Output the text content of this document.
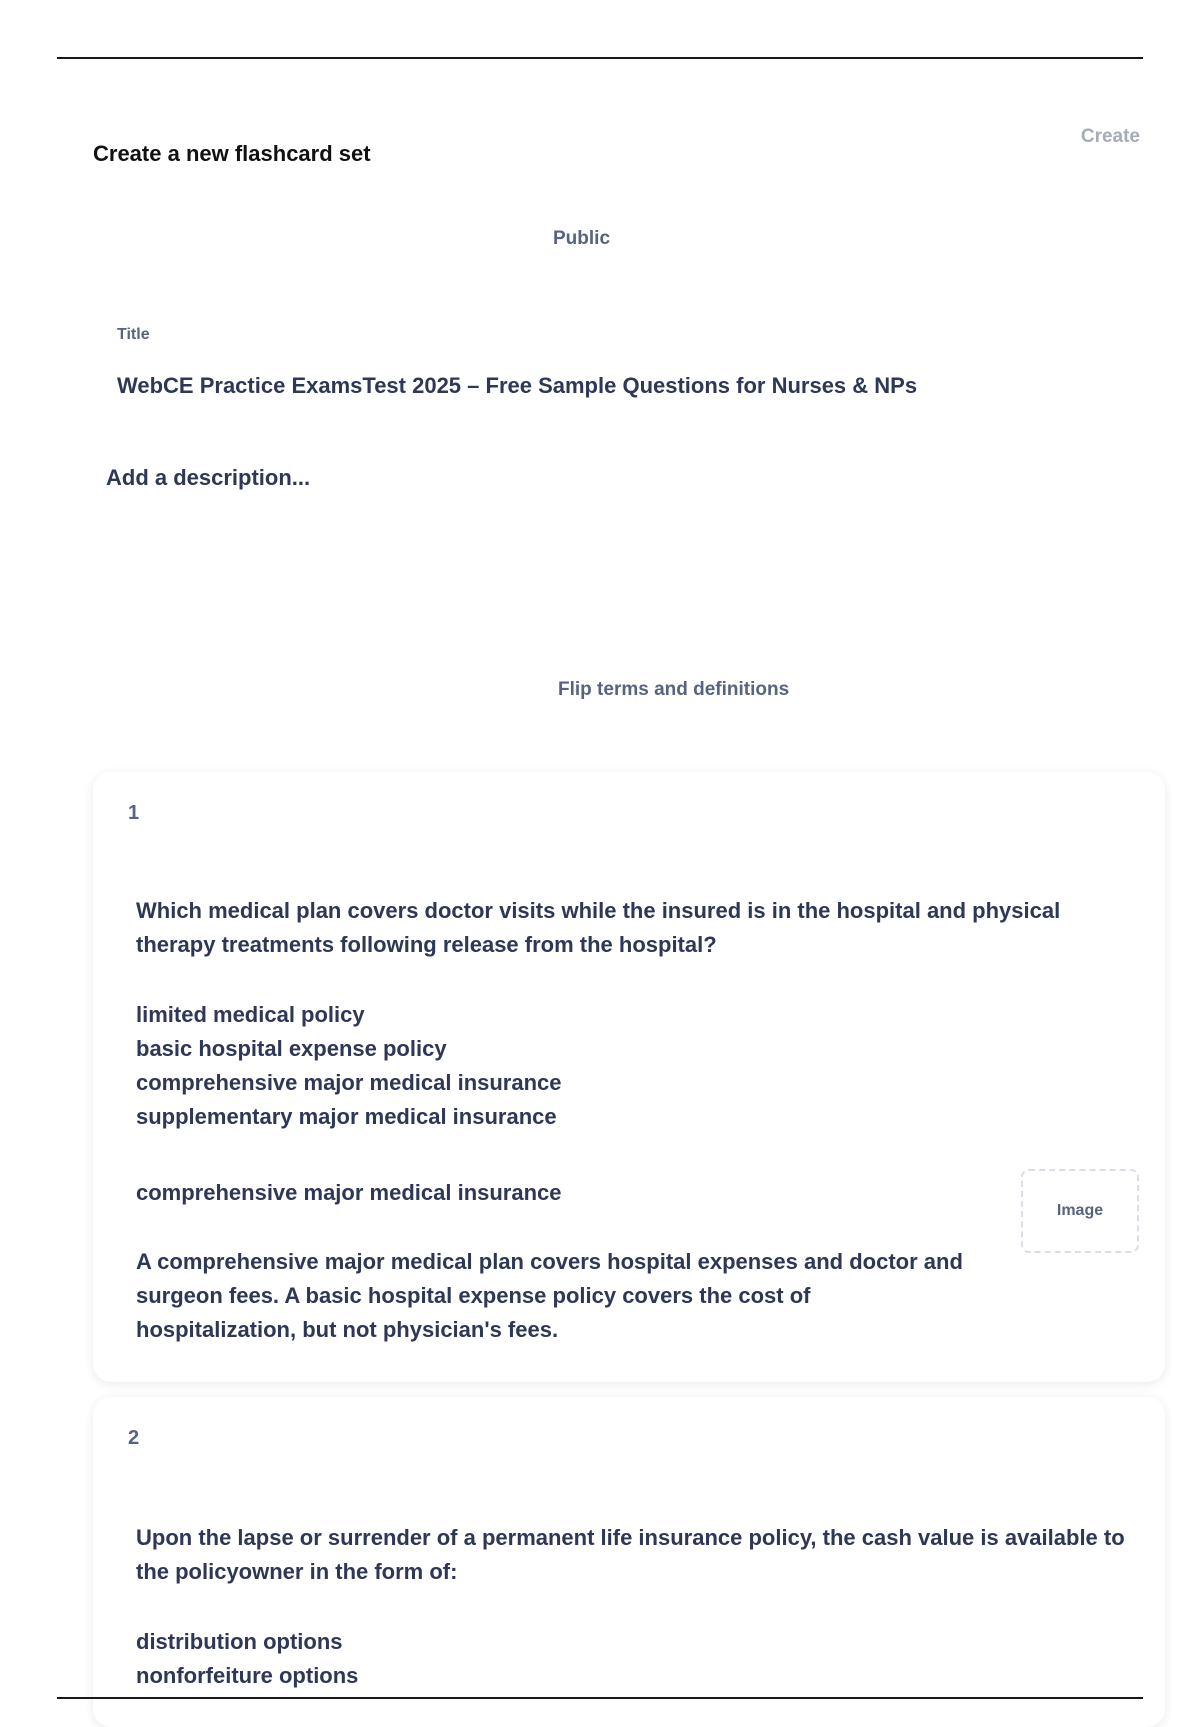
Create a new flashcard set
Create
Public
Title
WebCE Practice ExamsTest 2025 – Free Sample Questions for Nurses & NPs
Add a description...
Flip terms and definitions
1
Which medical plan covers doctor visits while the insured is in the hospital and physical therapy treatments following release from the hospital?
limited medical policy
basic hospital expense policy
comprehensive major medical insurance
supplementary major medical insurance
comprehensive major medical insurance
A comprehensive major medical plan covers hospital expenses and doctor and surgeon fees. A basic hospital expense policy covers the cost of hospitalization, but not physician's fees.
Image
2
Upon the lapse or surrender of a permanent life insurance policy, the cash value is available to the policyowner in the form of:
distribution options
nonforfeiture options
